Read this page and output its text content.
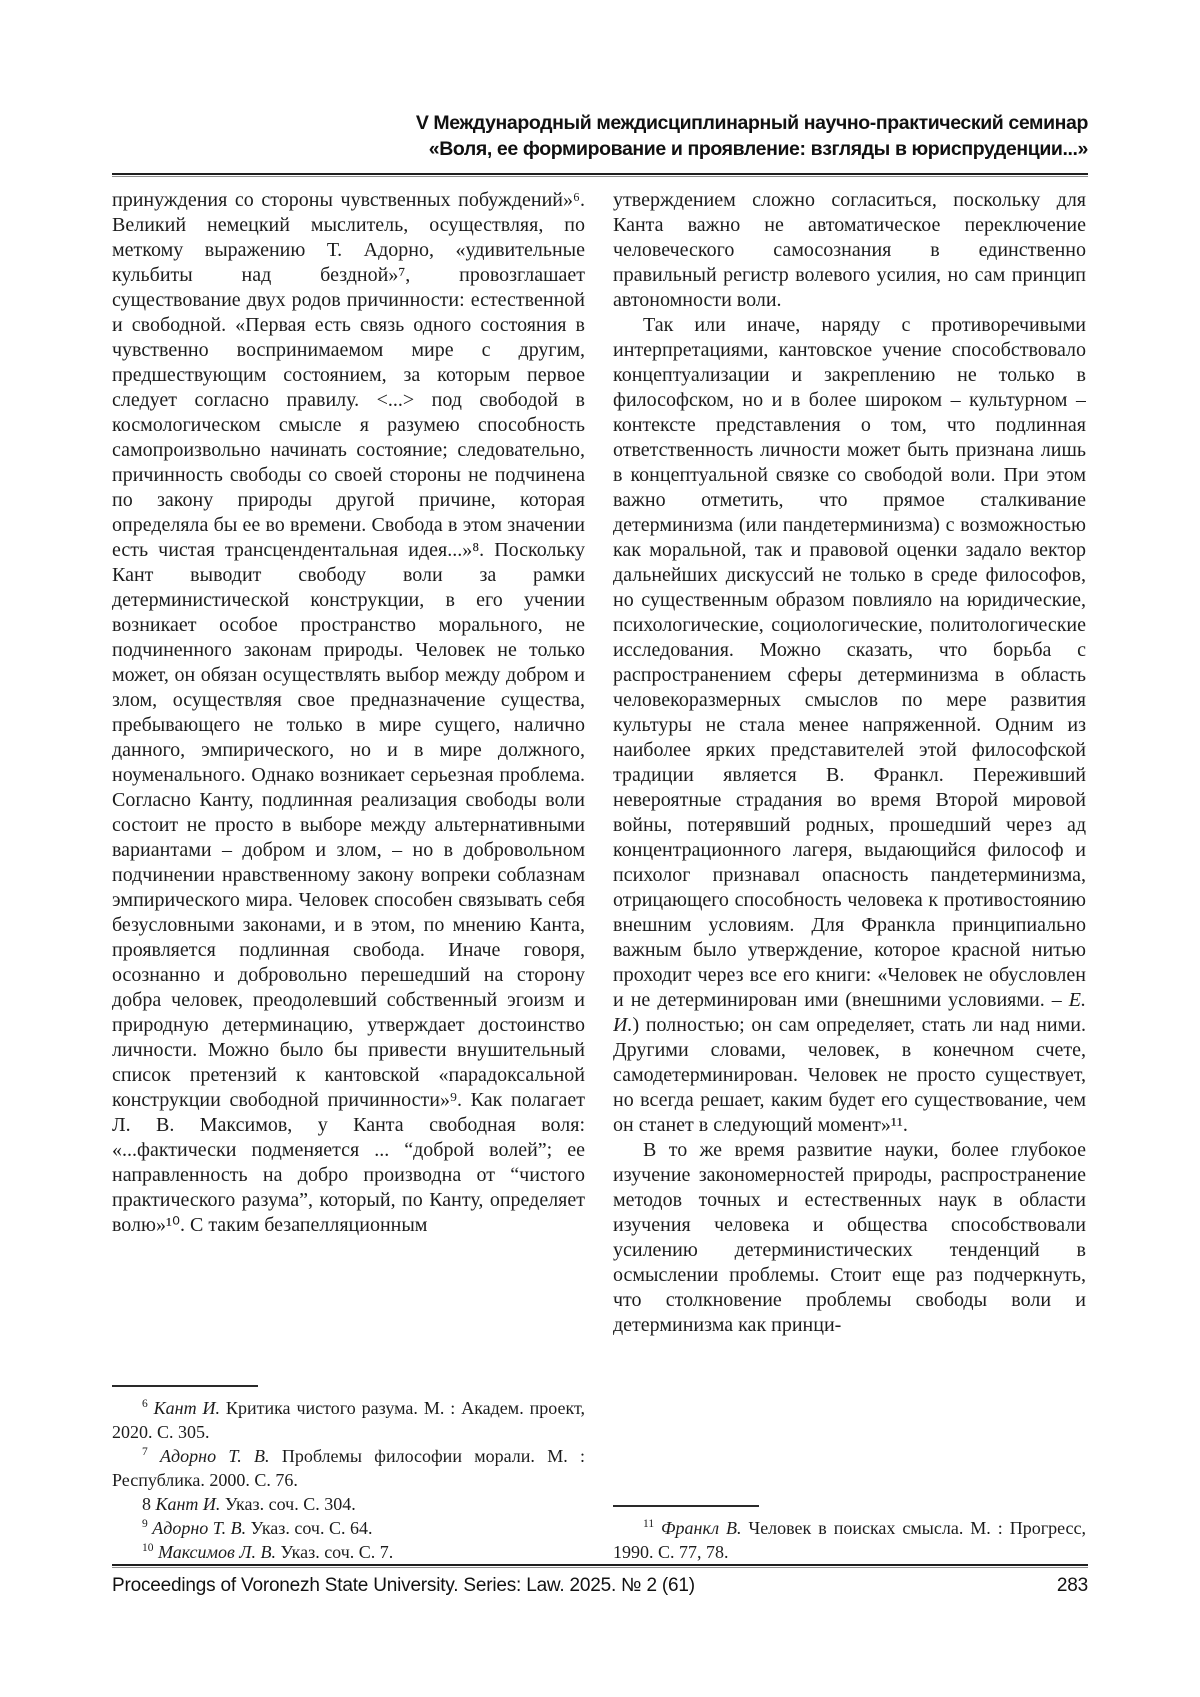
V Международный междисциплинарный научно-практический семинар
«Воля, ее формирование и проявление: взгляды в юриспруденции...»

принуждения со стороны чувственных побуждений»⁶. Великий немецкий мыслитель, осуществляя, по меткому выражению Т. Адорно, «удивительные кульбиты над бездной»⁷, провозглашает существование двух родов причинности: естественной и свободной. «Первая есть связь одного состояния в чувственно воспринимаемом мире с другим, предшествующим состоянием, за которым первое следует согласно правилу. <...> под свободой в космологическом смысле я разумею способность самопроизвольно начинать состояние; следовательно, причинность свободы со своей стороны не подчинена по закону природы другой причине, которая определяла бы ее во времени. Свобода в этом значении есть чистая трансцендентальная идея...»⁸. Поскольку Кант выводит свободу воли за рамки детерминистической конструкции, в его учении возникает особое пространство морального, не подчиненного законам природы. Человек не только может, он обязан осуществлять выбор между добром и злом, осуществляя свое предназначение существа, пребывающего не только в мире сущего, налично данного, эмпирического, но и в мире должного, ноуменального. Однако возникает серьезная проблема. Согласно Канту, подлинная реализация свободы воли состоит не просто в выборе между альтернативными вариантами – добром и злом, – но в добровольном подчинении нравственному закону вопреки соблазнам эмпирического мира. Человек способен связывать себя безусловными законами, и в этом, по мнению Канта, проявляется подлинная свобода. Иначе говоря, осознанно и добровольно перешедший на сторону добра человек, преодолевший собственный эгоизм и природную детерминацию, утверждает достоинство личности. Можно было бы привести внушительный список претензий к кантовской «парадоксальной конструкции свободной причинности»⁹. Как полагает Л. В. Максимов, у Канта свободная воля: «...фактически подменяется ... “доброй волей”; ее направленность на добро производна от “чистого практического разума”, который, по Канту, определяет волю»¹⁰. С таким безапелляционным

$^6$ Кант И. Критика чистого разума. М. : Академ. проект, 2020. С. 305.

$^7$ Адорно Т. В. Проблемы философии морали. М. : Республика. 2000. С. 76.

8 Кант И. Указ. соч. С. 304.

$^9$ Адорно Т. В. Указ. соч. С. 64.

$^{10}$ Максимов Л. В. Указ. соч. С. 7.

утверждением сложно согласиться, поскольку для Канта важно не автоматическое переключение человеческого самосознания в единственно правильный регистр волевого усилия, но сам принцип автономности воли.

Так или иначе, наряду с противоречивыми интерпретациями, кантовское учение способствовало концептуализации и закреплению не только в философском, но и в более широком – культурном – контексте представления о том, что подлинная ответственность личности может быть признана лишь в концептуальной связке со свободой воли. При этом важно отметить, что прямое сталкивание детерминизма (или пандетерминизма) с возможностью как моральной, так и правовой оценки задало вектор дальнейших дискуссий не только в среде философов, но существенным образом повлияло на юридические, психологические, социологические, политологические исследования. Можно сказать, что борьба с распространением сферы детерминизма в область человекоразмерных смыслов по мере развития культуры не стала менее напряженной. Одним из наиболее ярких представителей этой философской традиции является В. Франкл. Переживший невероятные страдания во время Второй мировой войны, потерявший родных, прошедший через ад концентрационного лагеря, выдающийся философ и психолог признавал опасность пандетерминизма, отрицающего способность человека к противостоянию внешним условиям. Для Франкла принципиально важным было утверждение, которое красной нитью проходит через все его книги: «Человек не обусловлен и не детерминирован ими (внешними условиями. – Е. И.) полностью; он сам определяет, стать ли над ними. Другими словами, человек, в конечном счете, самодетерминирован. Человек не просто существует, но всегда решает, каким будет его существование, чем он станет в следующий момент»¹¹.

В то же время развитие науки, более глубокое изучение закономерностей природы, распространение методов точных и естественных наук в области изучения человека и общества способствовали усилению детерминистических тенденций в осмыслении проблемы. Стоит еще раз подчеркнуть, что столкновение проблемы свободы воли и детерминизма как принци-

$^{11}$ Франкл В. Человек в поисках смысла. М. : Прогресс, 1990. С. 77, 78.

Proceedings of Voronezh State University. Series: Law. 2025. № 2 (61)	283
